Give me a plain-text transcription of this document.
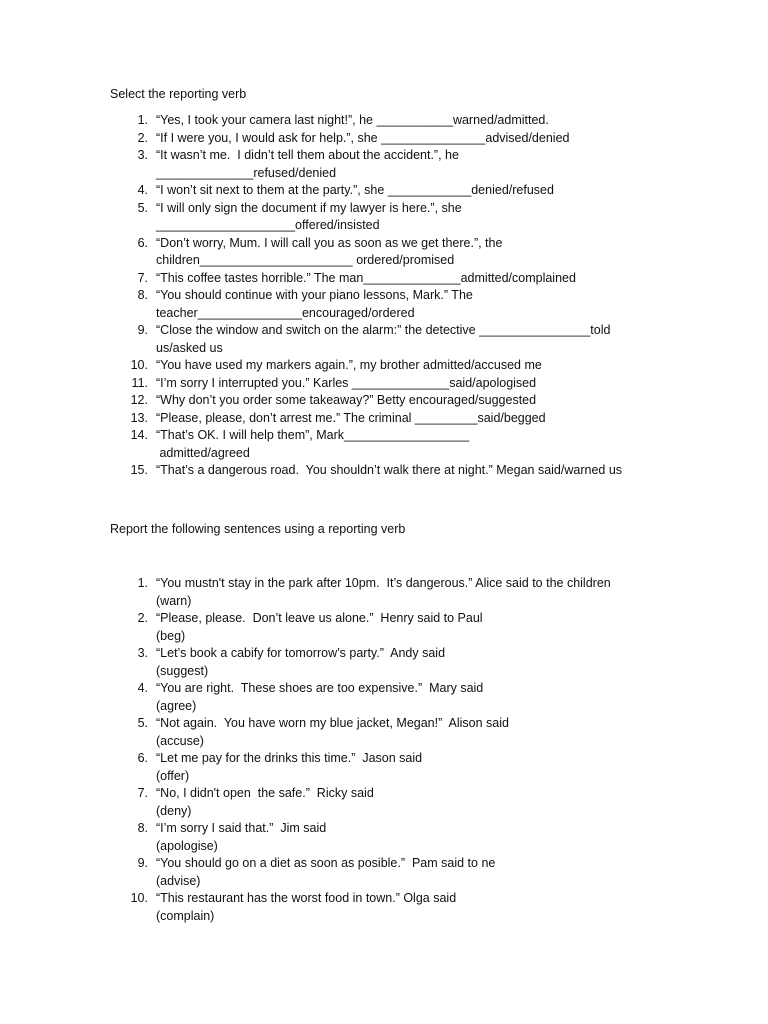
Select the reporting verb
1. “Yes, I took your camera last night!”, he ___________warned/admitted.
2. “If I were you, I would ask for help.”, she _______________advised/denied
3. “It wasn’t me.  I didn’t tell them about the accident.”, he
______________refused/denied
4. “I won’t sit next to them at the party.”, she ____________denied/refused
5. “I will only sign the document if my lawyer is here.”, she
____________________offered/insisted
6. “Don’t worry, Mum. I will call you as soon as we get there.”, the
children______________________ ordered/promised
7. “This coffee tastes horrible.” The man______________admitted/complained
8. “You should continue with your piano lessons, Mark.” The
teacher_______________encouraged/ordered
9. “Close the window and switch on the alarm:” the detective ________________told
us/asked us
10. “You have used my markers again.”, my brother admitted/accused me
11. “I’m sorry I interrupted you.” Karles ______________said/apologised
12. “Why don’t you order some takeaway?” Betty encouraged/suggested
13. “Please, please, don’t arrest me.” The criminal _________said/begged
14. “That’s OK. I will help them”, Mark__________________
admitted/agreed
15. “That’s a dangerous road.  You shouldn’t walk there at night.” Megan said/warned us
Report the following sentences using a reporting verb
1. “You mustn't stay in the park after 10pm.  It’s dangerous.” Alice said to the children
(warn)
2. “Please, please.  Don’t leave us alone.”  Henry said to Paul
(beg)
3. “Let’s book a cabify for tomorrow’s party.”  Andy said
(suggest)
4. “You are right.  These shoes are too expensive.”  Mary said
(agree)
5. “Not again.  You have worn my blue jacket, Megan!”  Alison said
(accuse)
6. “Let me pay for the drinks this time.”  Jason said
(offer)
7. “No, I didn't open  the safe.”  Ricky said
(deny)
8. “I’m sorry I said that.”  Jim said
(apologise)
9. “You should go on a diet as soon as posible.”  Pam said to ne
(advise)
10. “This restaurant has the worst food in town.” Olga said
(complain)
